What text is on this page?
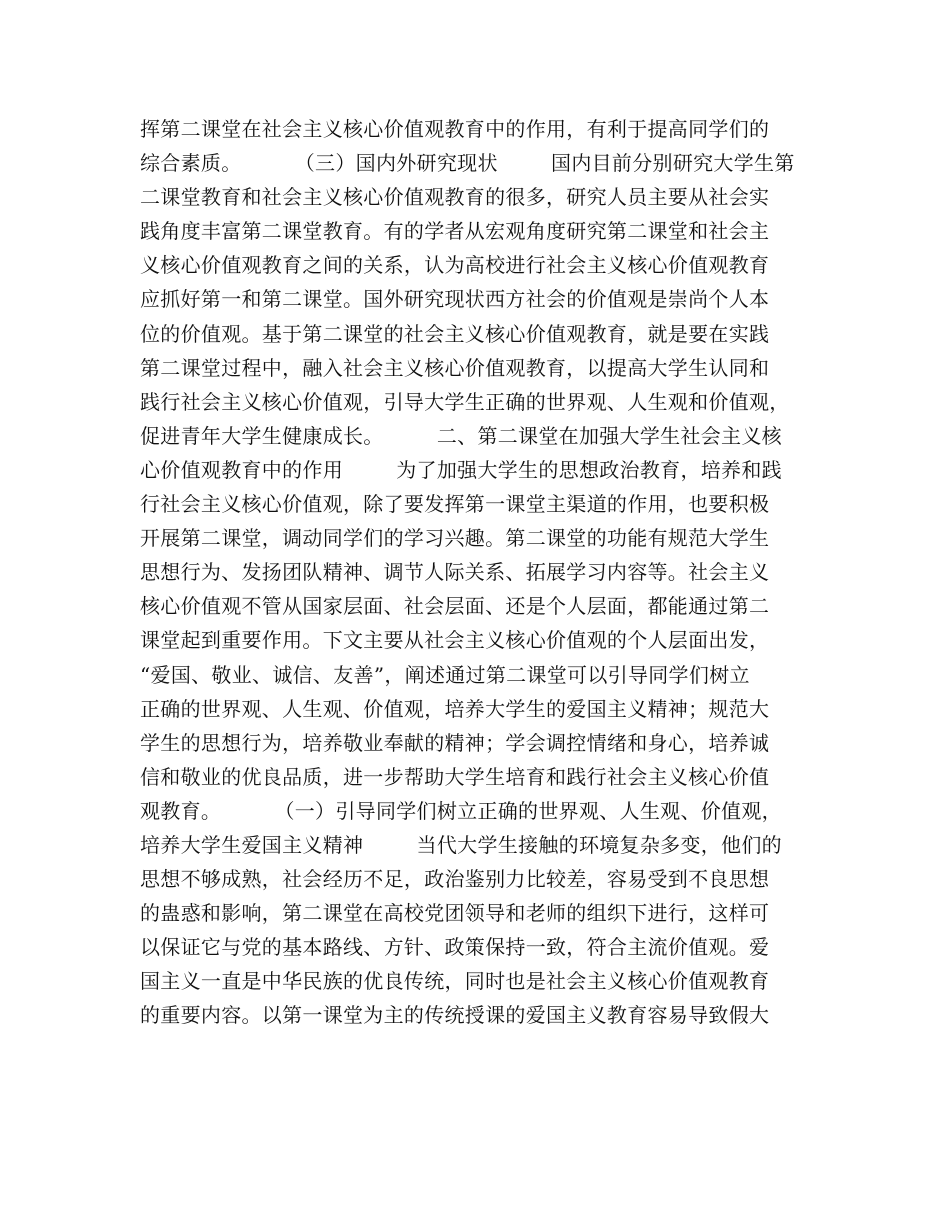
挥第二课堂在社会主义核心价值观教育中的作用，有利于提高同学们的
综合素质。        （三）国内外研究现状        国内目前分别研究大学生第
二课堂教育和社会主义核心价值观教育的很多，研究人员主要从社会实
践角度丰富第二课堂教育。有的学者从宏观角度研究第二课堂和社会主
义核心价值观教育之间的关系，认为高校进行社会主义核心价值观教育
应抓好第一和第二课堂。国外研究现状西方社会的价值观是崇尚个人本
位的价值观。基于第二课堂的社会主义核心价值观教育，就是要在实践
第二课堂过程中，融入社会主义核心价值观教育，以提高大学生认同和
践行社会主义核心价值观，引导大学生正确的世界观、人生观和价值观，
促进青年大学生健康成长。        二、第二课堂在加强大学生社会主义核
心价值观教育中的作用        为了加强大学生的思想政治教育，培养和践
行社会主义核心价值观，除了要发挥第一课堂主渠道的作用，也要积极
开展第二课堂，调动同学们的学习兴趣。第二课堂的功能有规范大学生
思想行为、发扬团队精神、调节人际关系、拓展学习内容等。社会主义
核心价值观不管从国家层面、社会层面、还是个人层面，都能通过第二
课堂起到重要作用。下文主要从社会主义核心价值观的个人层面出发，
“爱国、敬业、诚信、友善”，阐述通过第二课堂可以引导同学们树立
正确的世界观、人生观、价值观，培养大学生的爱国主义精神；规范大
学生的思想行为，培养敬业奉献的精神；学会调控情绪和身心，培养诚
信和敬业的优良品质，进一步帮助大学生培育和践行社会主义核心价值
观教育。        （一）引导同学们树立正确的世界观、人生观、价值观，
培养大学生爱国主义精神        当代大学生接触的环境复杂多变，他们的
思想不够成熟，社会经历不足，政治鉴别力比较差，容易受到不良思想
的蛊惑和影响，第二课堂在高校党团领导和老师的组织下进行，这样可
以保证它与党的基本路线、方针、政策保持一致，符合主流价值观。爱
国主义一直是中华民族的优良传统，同时也是社会主义核心价值观教育
的重要内容。以第一课堂为主的传统授课的爱国主义教育容易导致假大
